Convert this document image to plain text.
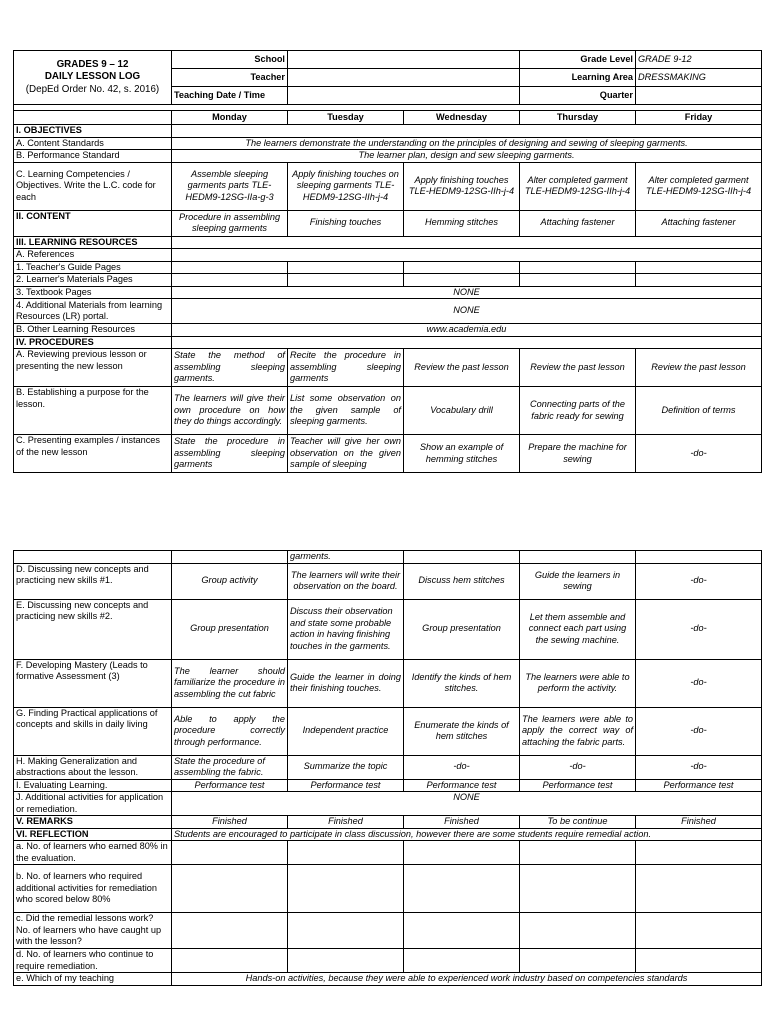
GRADES 9 – 12
DAILY LESSON LOG
(DepEd Order No. 42, s. 2016)	School			Grade Level	GRADE 9-12
	Teacher			Learning Area	DRESSMAKING
	Teaching Date / Time			Quarter	

	Monday	Tuesday	Wednesday	Thursday	Friday
I. OBJECTIVES					
A. Content Standards	The learners demonstrate the understanding on the principles of designing and sewing of sleeping garments.				
B. Performance Standard	The learner plan, design and sew sleeping garments.				
C. Learning Competencies / Objectives. Write the L.C. code for each	Assemble sleeping garments parts TLE-HEDM9-12SG-IIa-g-3	Apply finishing touches on sleeping garments TLE-HEDM9-12SG-IIh-j-4	Apply finishing touches TLE-HEDM9-12SG-IIh-j-4	Alter completed garment TLE-HEDM9-12SG-IIh-j-4	Alter completed garment TLE-HEDM9-12SG-IIh-j-4
II. CONTENT	Procedure in assembling sleeping garments	Finishing touches	Hemming stitches	Attaching fastener	Attaching fastener
III. LEARNING RESOURCES					
A. References					
1. Teacher's Guide Pages					
2. Learner's Materials Pages					
3. Textbook Pages	NONE				
4. Additional Materials from learning Resources (LR) portal.	NONE				
B. Other Learning Resources	www.academia.edu				
IV. PROCEDURES					
A. Reviewing previous lesson or presenting the new lesson	State the method of assembling sleeping garments.	Recite the procedure in assembling sleeping garments	Review the past lesson	Review the past lesson	Review the past lesson
B. Establishing a purpose for the lesson.	The learners will give their own procedure on how they do things accordingly.	List some observation on the given sample of sleeping garments.	Vocabulary drill	Connecting parts of the fabric ready for sewing	Definition of terms
C. Presenting examples / instances of the new lesson	State the procedure in assembling sleeping garments	Teacher will give her own observation on the given sample of sleeping	Show an example of hemming stitches	Prepare the machine for sewing	-do-
		garments.			
D. Discussing new concepts and practicing new skills #1.	Group activity	The learners will write their observation on the board.	Discuss hem stitches	Guide the learners in sewing	-do-
E. Discussing new concepts and practicing new skills #2.	Group presentation	Discuss their observation and state some probable action in having finishing touches in the garments.	Group presentation	Let them assemble and connect each part using the sewing machine.	-do-
F. Developing Mastery (Leads to formative Assessment (3)	The learner should familiarize the procedure in assembling the cut fabric	Guide the learner in doing their finishing touches.	Identify the kinds of hem stitches.	The learners were able to perform the activity.	-do-
G. Finding Practical applications of concepts and skills in daily living	Able to apply the procedure correctly through performance.	Independent practice	Enumerate the kinds of hem stitches	The learners were able to apply the correct way of attaching the fabric parts.	-do-
H. Making Generalization and abstractions about the lesson.	State the procedure of assembling the fabric.	Summarize the topic	-do-	-do-	-do-
I. Evaluating Learning.	Performance test	Performance test	Performance test	Performance test	Performance test
J. Additional activities for application or remediation.	NONE				
V. REMARKS	Finished	Finished	Finished	To be continue	Finished
VI. REFLECTION	Students are encouraged to participate in class discussion, however there are some students require remedial action.				
a. No. of learners who earned 80% in the evaluation.					
b. No. of learners who required additional activities for remediation who scored below 80%					
c. Did the remedial lessons work? No. of learners who have caught up with the lesson?					
d. No. of learners who continue to require remediation.					
e. Which of my teaching	Hands-on activities, because they were able to experienced work industry based on competencies standards				
